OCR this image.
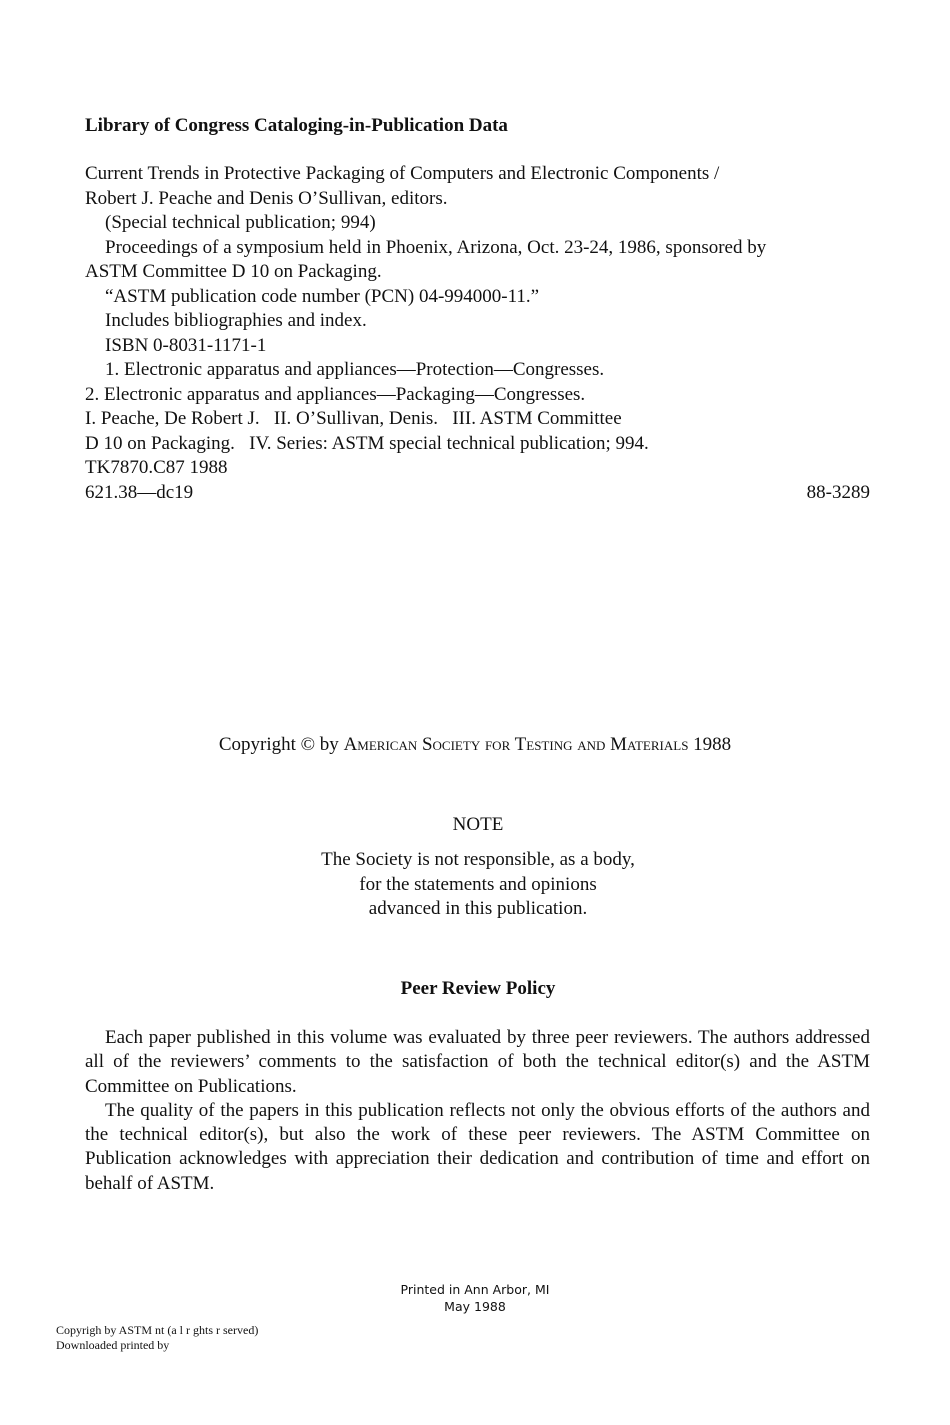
Library of Congress Cataloging-in-Publication Data
Current Trends in Protective Packaging of Computers and Electronic Components /
Robert J. Peache and Denis O’Sullivan, editors.
(Special technical publication; 994)
Proceedings of a symposium held in Phoenix, Arizona, Oct. 23-24, 1986, sponsored by
ASTM Committee D 10 on Packaging.
“ASTM publication code number (PCN) 04-994000-11.”
Includes bibliographies and index.
ISBN 0-8031-1171-1
1. Electronic apparatus and appliances—Protection—Congresses.
2. Electronic apparatus and appliances—Packaging—Congresses.
I. Peache, De Robert J.   II. O’Sullivan, Denis.   III. ASTM Committee
D 10 on Packaging.   IV. Series: ASTM special technical publication; 994.
TK7870.C87 1988
621.38—dc19	88-3289
Copyright © by American Society for Testing and Materials 1988
NOTE
The Society is not responsible, as a body,
for the statements and opinions
advanced in this publication.
Peer Review Policy

Each paper published in this volume was evaluated by three peer reviewers. The authors addressed all of the reviewers’ comments to the satisfaction of both the technical editor(s) and the ASTM Committee on Publications.

The quality of the papers in this publication reflects not only the obvious efforts of the authors and the technical editor(s), but also the work of these peer reviewers. The ASTM Committee on Publication acknowledges with appreciation their dedication and contribution of time and effort on behalf of ASTM.

Printed in Ann Arbor, MI
May 1988
Copyrigh by ASTM nt (a l r ghts r served)
Downloaded printed by
